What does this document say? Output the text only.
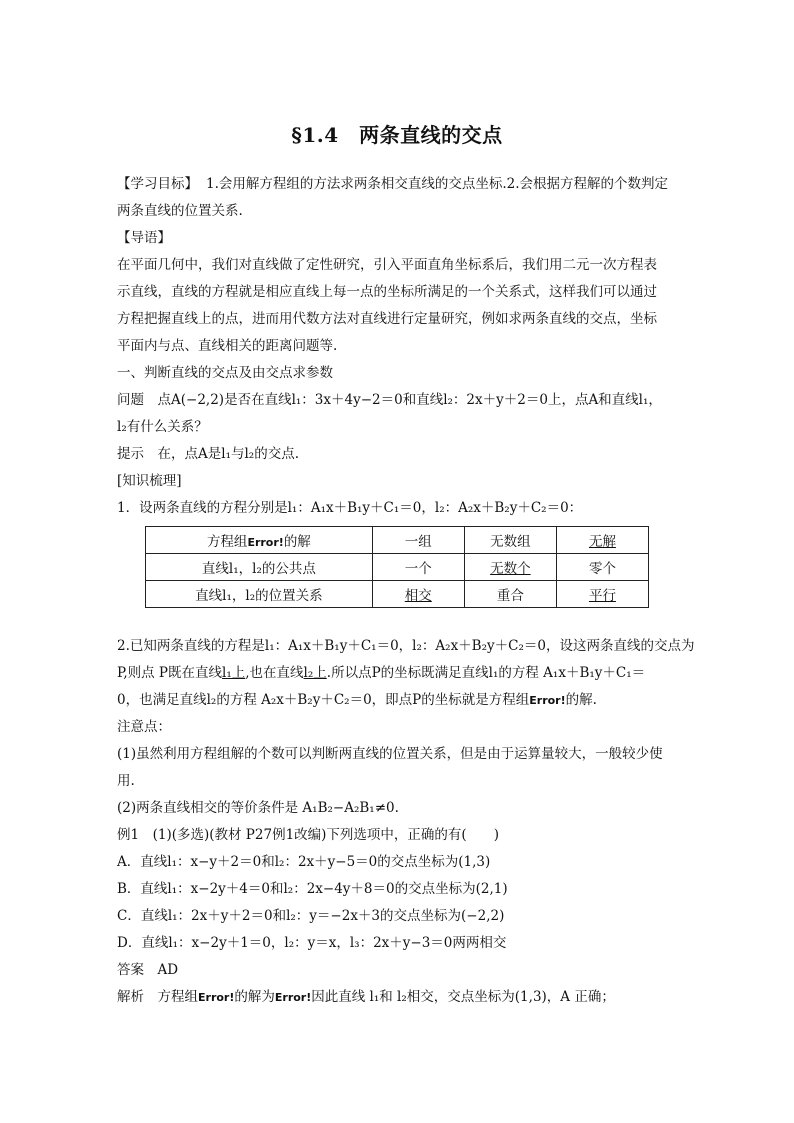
§1.4　两条直线的交点
【学习目标】 1.会用解方程组的方法求两条相交直线的交点坐标.2.会根据方程解的个数判定
两条直线的位置关系.
【导语】
在平面几何中，我们对直线做了定性研究，引入平面直角坐标系后，我们用二元一次方程表
示直线，直线的方程就是相应直线上每一点的坐标所满足的一个关系式，这样我们可以通过
方程把握直线上的点，进而用代数方法对直线进行定量研究，例如求两条直线的交点，坐标
平面内与点、直线相关的距离问题等.
一、判断直线的交点及由交点求参数
问题　点A(−2,2)是否在直线l₁：3x＋4y−2＝0和直线l₂：2x＋y＋2＝0上，点A和直线l₁，
l₂有什么关系？
提示　在，点A是l₁与l₂的交点.
[知识梳理]
1．设两条直线的方程分别是l₁：A₁x＋B₁y＋C₁＝0，l₂：A₂x＋B₂y＋C₂＝0：
方程组Error!的解	一组	无数组	无解
直线l₁，l₂的公共点	一个	无数个	零个
直线l₁，l₂的位置关系	相交	重合	平行
2.已知两条直线的方程是l₁：A₁x＋B₁y＋C₁＝0，l₂：A₂x＋B₂y＋C₂＝0，设这两条直线的交点为
P,则点 P既在直线l₁上,也在直线l₂上.所以点P的坐标既满足直线l₁的方程 A₁x＋B₁y＋C₁＝
0，也满足直线l₂的方程 A₂x＋B₂y＋C₂＝0，即点P的坐标就是方程组Error!的解.
注意点：
(1)虽然利用方程组解的个数可以判断两直线的位置关系，但是由于运算量较大，一般较少使
用.
(2)两条直线相交的等价条件是 A₁B₂−A₂B₁≠0.
例1　(1)(多选)(教材 P27例1改编)下列选项中，正确的有(　　)
A．直线l₁：x−y＋2＝0和l₂：2x＋y−5＝0的交点坐标为(1,3)
B．直线l₁：x−2y＋4＝0和l₂：2x−4y＋8＝0的交点坐标为(2,1)
C．直线l₁：2x＋y＋2＝0和l₂：y＝−2x＋3的交点坐标为(−2,2)
D．直线l₁：x−2y＋1＝0，l₂：y＝x，l₃：2x＋y−3＝0两两相交
答案　AD
解析　方程组Error!的解为Error!因此直线 l₁和 l₂相交，交点坐标为(1,3)，A 正确；
